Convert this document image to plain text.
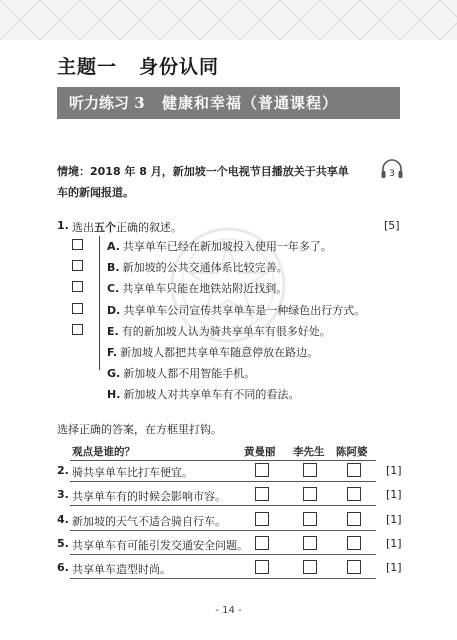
主题一 身份认同
听力练习 3 健康和幸福（普通课程）
情境：2018 年 8 月，新加坡一个电视节目播放关于共享单车的新闻报道。
3
1. 选出五个正确的叙述。	[5]
A. 共享单车已经在新加坡投入使用一年多了。
B. 新加坡的公共交通体系比较完善。
C. 共享单车只能在地铁站附近找到。
D. 共享单车公司宣传共享单车是一种绿色出行方式。
E. 有的新加坡人认为骑共享单车有很多好处。
F. 新加坡人都把共享单车随意停放在路边。
G. 新加坡人都不用智能手机。
H. 新加坡人对共享单车有不同的看法。
选择正确的答案，在方框里打钩。
观点是谁的？	黄曼丽 李先生 陈阿婆
2. 骑共享单车比打车便宜。	[1]
3. 共享单车有的时候会影响市容。	[1]
4. 新加坡的天气不适合骑自行车。	[1]
5. 共享单车有可能引发交通安全问题。	[1]
6. 共享单车造型时尚。	[1]
- 14 -
